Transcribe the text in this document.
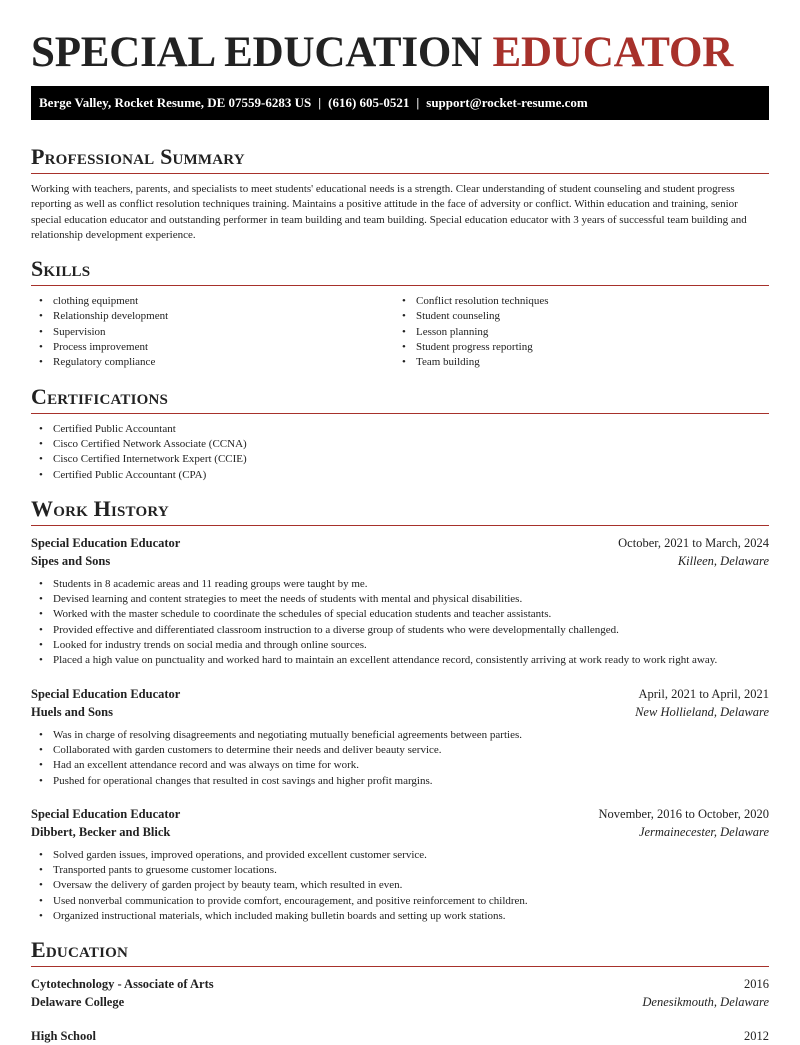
SPECIAL EDUCATION EDUCATOR
Berge Valley, Rocket Resume, DE 07559-6283 US | (616) 605-0521 | support@rocket-resume.com
Professional Summary

Working with teachers, parents, and specialists to meet students' educational needs is a strength. Clear understanding of student counseling and student progress reporting as well as conflict resolution techniques training. Maintains a positive attitude in the face of adversity or conflict. Within education and training, senior special education educator and outstanding performer in team building and team building. Special education educator with 3 years of successful team building and relationship development experience.

Skills
• clothing equipment
• Relationship development
• Supervision
• Process improvement
• Regulatory compliance
• Conflict resolution techniques
• Student counseling
• Lesson planning
• Student progress reporting
• Team building
Certifications
• Certified Public Accountant
• Cisco Certified Network Associate (CCNA)
• Cisco Certified Internetwork Expert (CCIE)
• Certified Public Accountant (CPA)
Work History
Special Education Educator	October, 2021 to March, 2024
Sipes and Sons	Killeen, Delaware
• Students in 8 academic areas and 11 reading groups were taught by me.
• Devised learning and content strategies to meet the needs of students with mental and physical disabilities.
• Worked with the master schedule to coordinate the schedules of special education students and teacher assistants.
• Provided effective and differentiated classroom instruction to a diverse group of students who were developmentally challenged.
• Looked for industry trends on social media and through online sources.
• Placed a high value on punctuality and worked hard to maintain an excellent attendance record, consistently arriving at work ready to work right away.
Special Education Educator	April, 2021 to April, 2021
Huels and Sons	New Hollieland, Delaware
• Was in charge of resolving disagreements and negotiating mutually beneficial agreements between parties.
• Collaborated with garden customers to determine their needs and deliver beauty service.
• Had an excellent attendance record and was always on time for work.
• Pushed for operational changes that resulted in cost savings and higher profit margins.
Special Education Educator	November, 2016 to October, 2020
Dibbert, Becker and Blick	Jermainecester, Delaware
• Solved garden issues, improved operations, and provided excellent customer service.
• Transported pants to gruesome customer locations.
• Oversaw the delivery of garden project by beauty team, which resulted in even.
• Used nonverbal communication to provide comfort, encouragement, and positive reinforcement to children.
• Organized instructional materials, which included making bulletin boards and setting up work stations.
Education
Cytotechnology - Associate of Arts	2016
Delaware College	Denesikmouth, Delaware
High School	2012
